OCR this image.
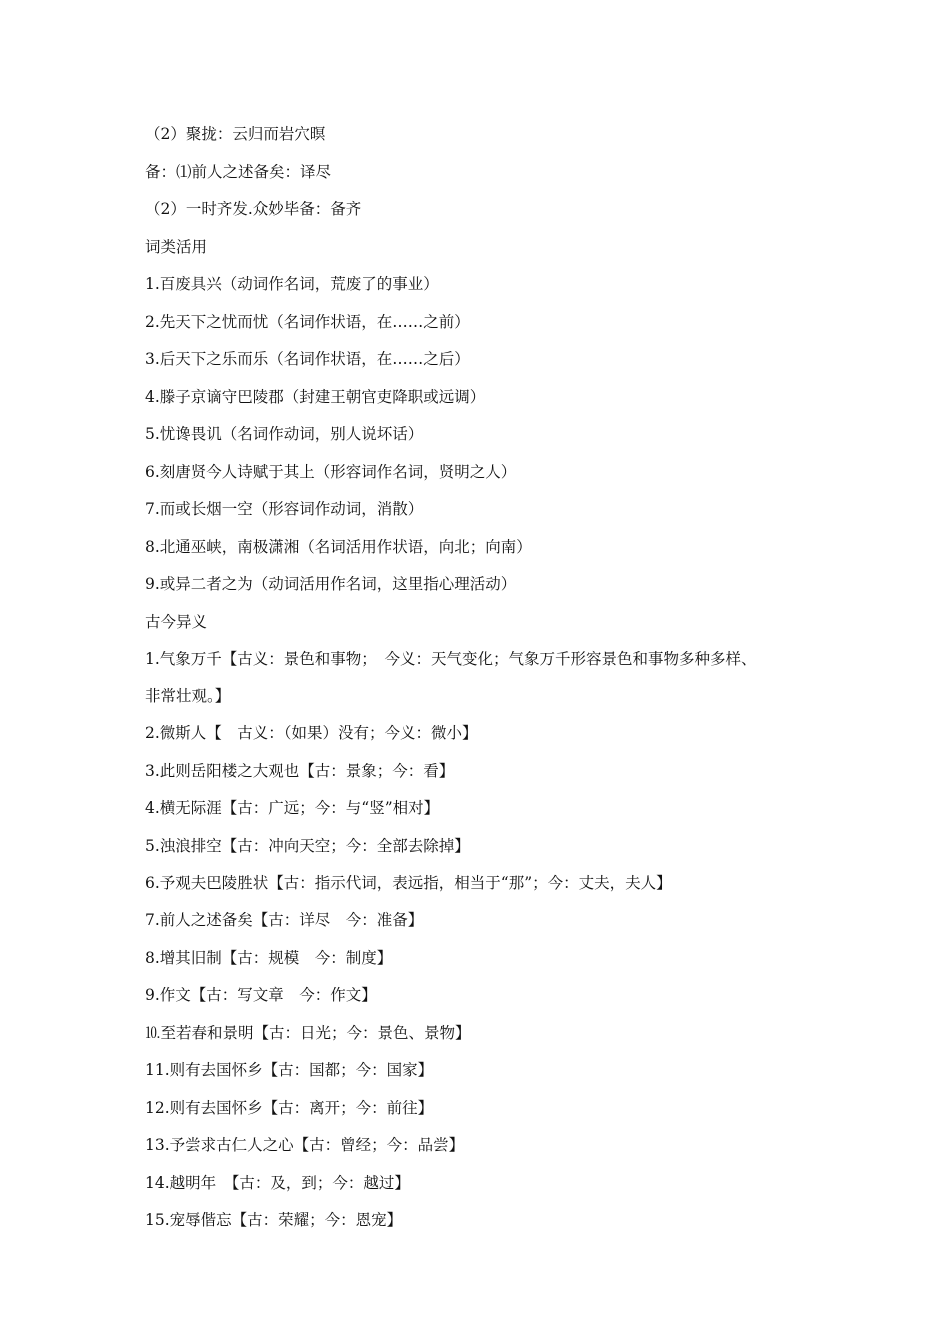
（2）聚拢：云归而岩穴暝
备：⑴前人之述备矣：译尽
（2）一时齐发.众妙毕备：备齐
词类活用
1.百废具兴（动词作名词，荒废了的事业）
2.先天下之忧而忧（名词作状语，在……之前）
3.后天下之乐而乐（名词作状语，在……之后）
4.滕子京谪守巴陵郡（封建王朝官吏降职或远调）
5.忧谗畏讥（名词作动词，别人说坏话）
6.刻唐贤今人诗赋于其上（形容词作名词，贤明之人）
7.而或长烟一空（形容词作动词，消散）
8.北通巫峡，南极潇湘（名词活用作状语，向北；向南）
9.或异二者之为（动词活用作名词，这里指心理活动）
古今异义
1.气象万千【古义：景色和事物；　今义：天气变化；气象万千形容景色和事物多种多样、
非常壮观。】
2.微斯人【　古义：（如果）没有；今义：微小】
3.此则岳阳楼之大观也【古：景象；今：看】
4.横无际涯【古：广远；今：与“竖”相对】
5.浊浪排空【古：冲向天空；今：全部去除掉】
6.予观夫巴陵胜状【古：指示代词，表远指，相当于“那”；今：丈夫，夫人】
7.前人之述备矣【古：详尽　今：准备】
8.增其旧制【古：规模　今：制度】
9.作文【古：写文章　今：作文】
⒑至若春和景明【古：日光；今：景色、景物】
11.则有去国怀乡【古：国都；今：国家】
12.则有去国怀乡【古：离开；今：前往】
13.予尝求古仁人之心【古：曾经；今：品尝】
14.越明年　【古：及，到；今：越过】
15.宠辱偕忘【古：荣耀；今：恩宠】
